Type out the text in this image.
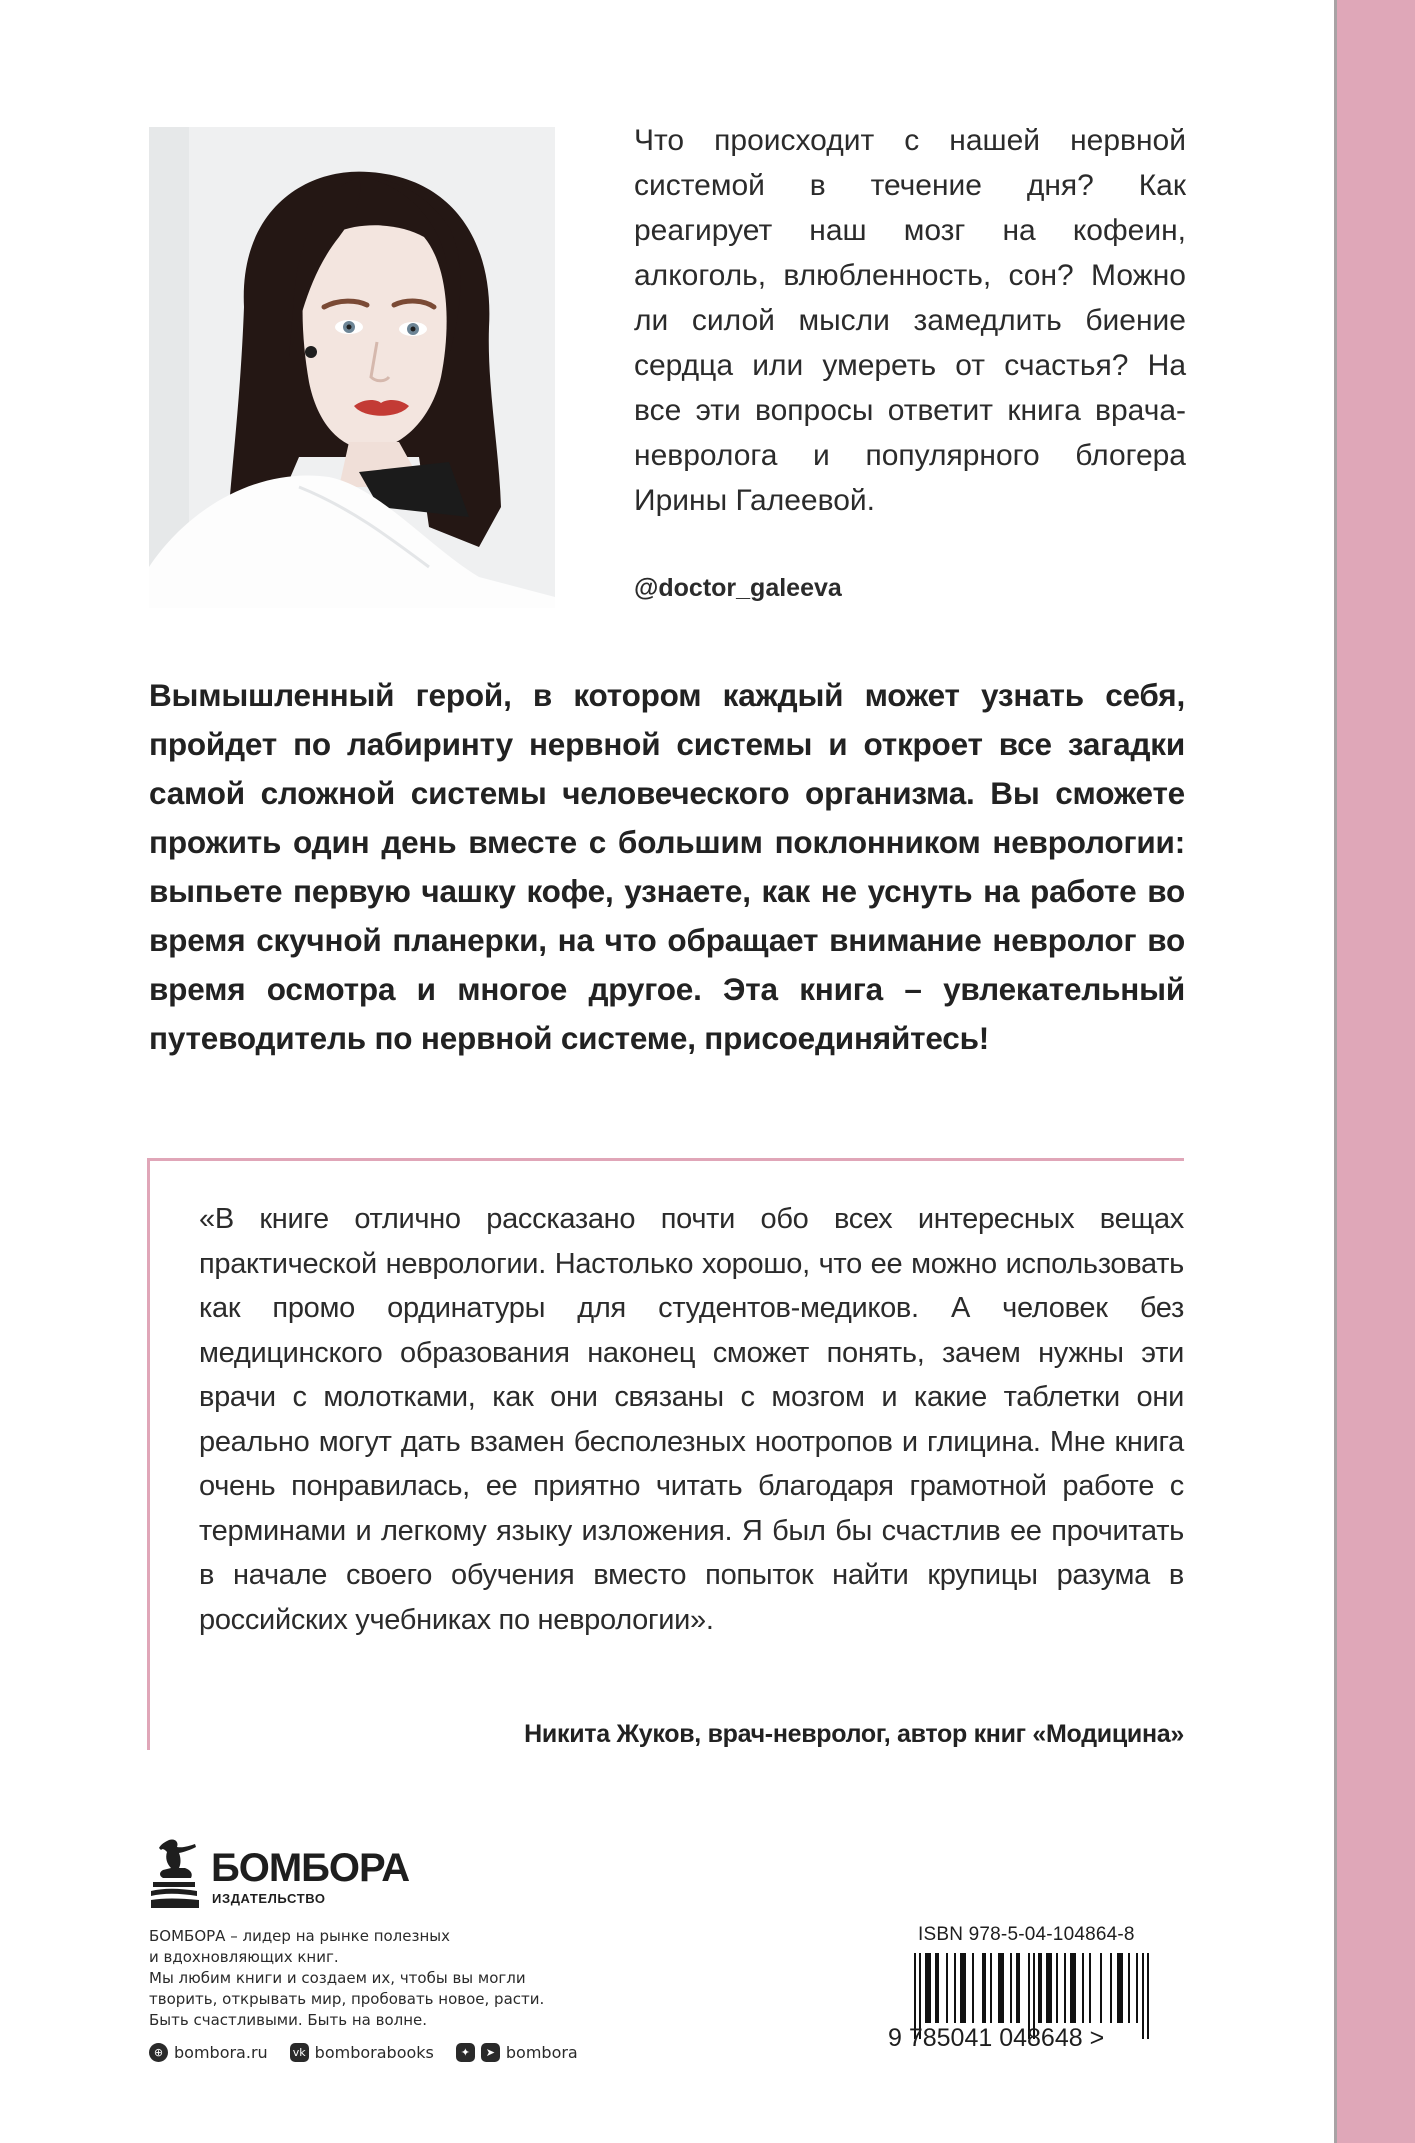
Что происходит с нашей нервной системой в течение дня? Как реагирует наш мозг на кофеин, алкоголь, влюбленность, сон? Можно ли силой мысли замедлить биение сердца или умереть от счастья? На все эти вопросы ответит книга врача-невролога и популярного блогера Ирины Галеевой.

@doctor_galeeva
Вымышленный герой, в котором каждый может узнать себя, пройдет по лабиринту нервной системы и откроет все загадки самой сложной системы человеческого организма. Вы сможете прожить один день вместе с большим поклонником неврологии: выпьете первую чашку кофе, узнаете, как не уснуть на работе во время скучной планерки, на что обращает внимание невролог во время осмотра и многое другое. Эта книга – увлекательный путеводитель по нервной системе, присоединяйтесь!
«В книге отлично рассказано почти обо всех интересных вещах практической неврологии. Настолько хорошо, что ее можно использовать как промо ординатуры для студентов-медиков. А человек без медицинского образования наконец сможет понять, зачем нужны эти врачи с молотками, как они связаны с мозгом и какие таблетки они реально могут дать взамен бесполезных ноотропов и глицина. Мне книга очень понравилась, ее приятно читать благодаря грамотной работе с терминами и легкому языку изложения. Я был бы счастлив ее прочитать в начале своего обучения вместо попыток найти крупицы разума в российских учебниках по неврологии».
Никита Жуков, врач-невролог, автор книг «Модицина»
БОМБОРА
ИЗДАТЕЛЬСТВО
БОМБОРА – лидер на рынке полезных
и вдохновляющих книг.
Мы любим книги и создаем их, чтобы вы могли
творить, открывать мир, пробовать новое, расти.
Быть счастливыми. Быть на волне.
⊕ bombora.ru vk bomborabooks	✦	➤ bombora
ISBN 978-5-04-104864-8
9 785041 048648 >
